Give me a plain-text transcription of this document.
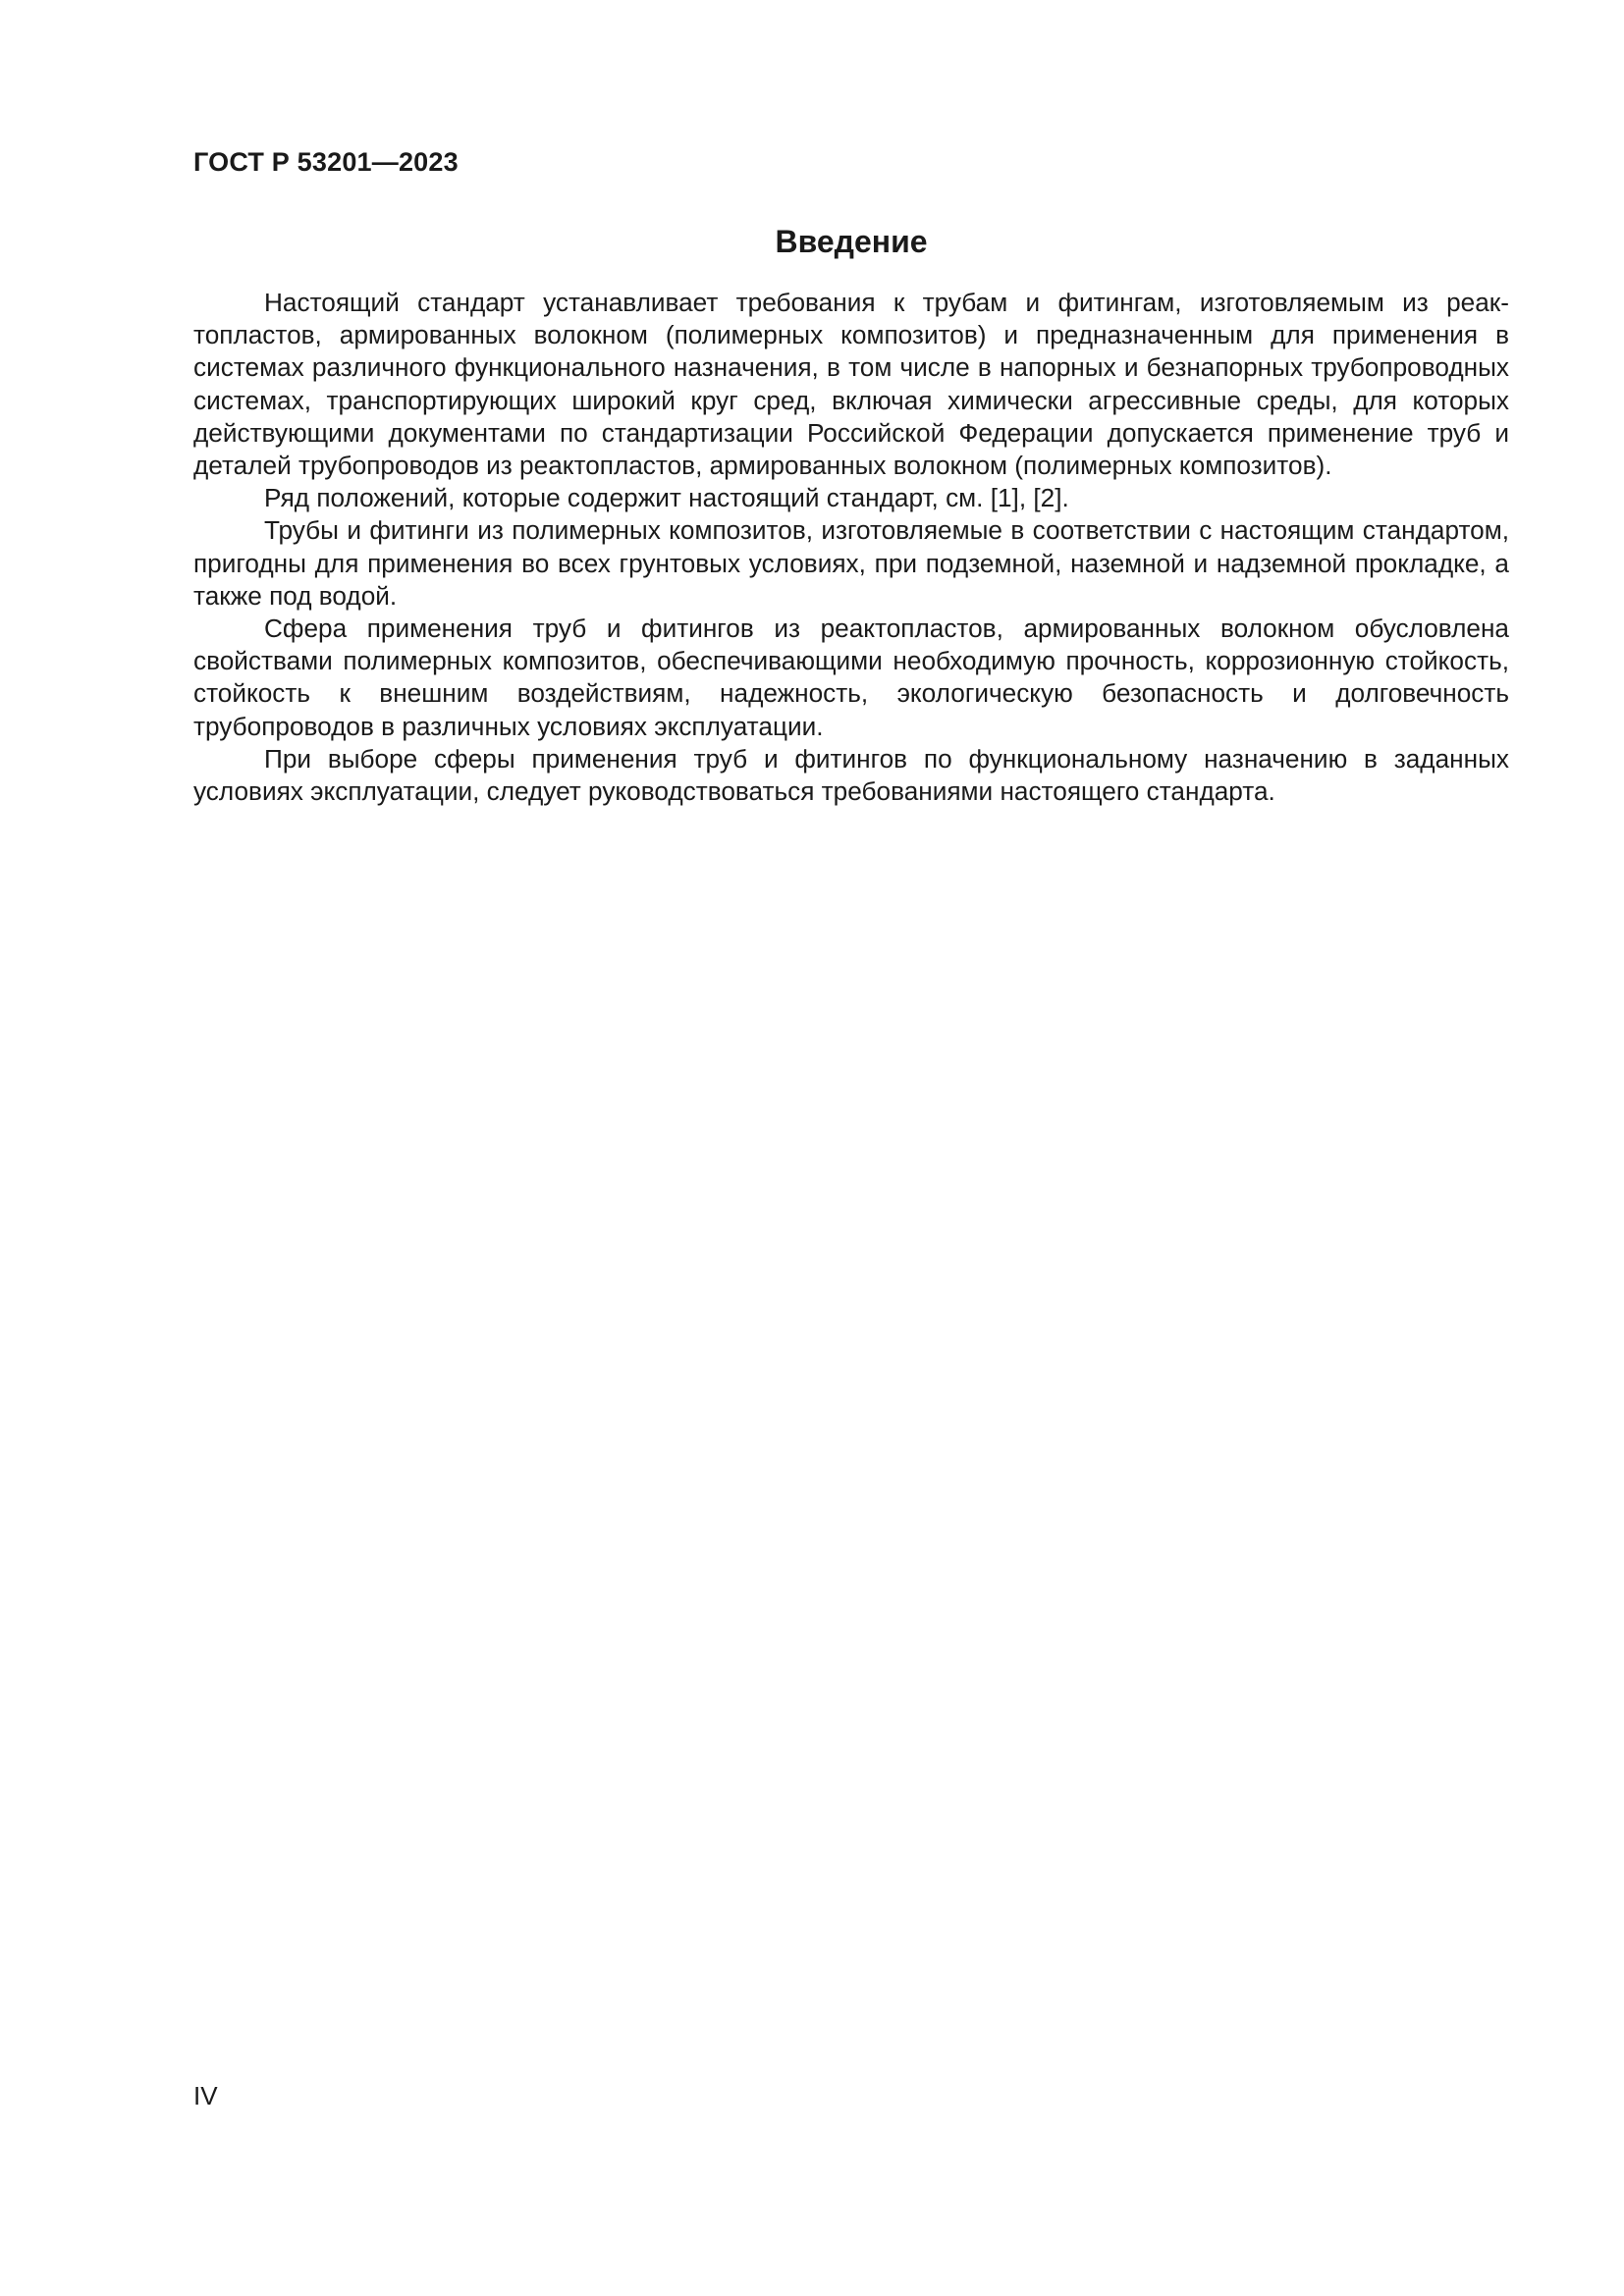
ГОСТ Р 53201—2023
Введение

Настоящий стандарт устанавливает требования к трубам и фитингам, изготовляемым из реактопластов, армированных волокном (полимерных композитов) и предназначенным для применения в системах различного функционального назначения, в том числе в напорных и безнапорных трубопроводных системах, транспортирующих широкий круг сред, включая химически агрессивные среды, для которых действующими документами по стандартизации Российской Федерации допускается применение труб и деталей трубопроводов из реактопластов, армированных волокном (полимерных композитов).

Ряд положений, которые содержит настоящий стандарт, см. [1], [2].

Трубы и фитинги из полимерных композитов, изготовляемые в соответствии с настоящим стандартом, пригодны для применения во всех грунтовых условиях, при подземной, наземной и надземной прокладке, а также под водой.

Сфера применения труб и фитингов из реактопластов, армированных волокном обусловлена свойствами полимерных композитов, обеспечивающими необходимую прочность, коррозионную стойкость, стойкость к внешним воздействиям, надежность, экологическую безопасность и долговечность трубопроводов в различных условиях эксплуатации.

При выборе сферы применения труб и фитингов по функциональному назначению в заданных условиях эксплуатации, следует руководствоваться требованиями настоящего стандарта.

IV
